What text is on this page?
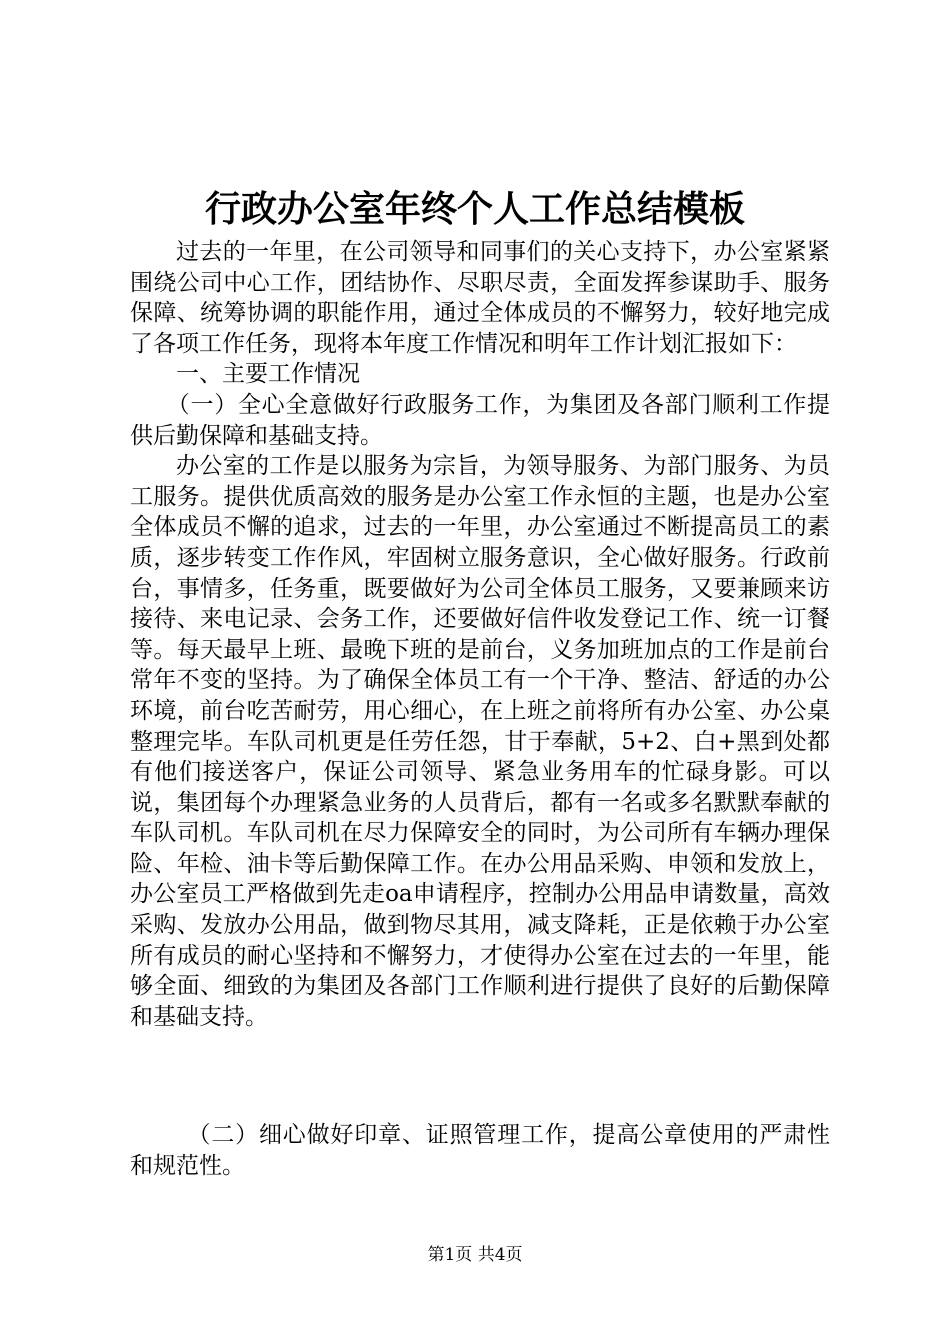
行政办公室年终个人工作总结模板

过去的一年里，在公司领导和同事们的关心支持下，办公室紧紧围绕公司中心工作，团结协作、尽职尽责，全面发挥参谋助手、服务保障、统筹协调的职能作用，通过全体成员的不懈努力，较好地完成了各项工作任务，现将本年度工作情况和明年工作计划汇报如下：

一、主要工作情况

（一）全心全意做好行政服务工作，为集团及各部门顺利工作提供后勤保障和基础支持。

办公室的工作是以服务为宗旨，为领导服务、为部门服务、为员工服务。提供优质高效的服务是办公室工作永恒的主题，也是办公室全体成员不懈的追求，过去的一年里，办公室通过不断提高员工的素质，逐步转变工作作风，牢固树立服务意识，全心做好服务。行政前台，事情多，任务重，既要做好为公司全体员工服务，又要兼顾来访接待、来电记录、会务工作，还要做好信件收发登记工作、统一订餐等。每天最早上班、最晚下班的是前台，义务加班加点的工作是前台常年不变的坚持。为了确保全体员工有一个干净、整洁、舒适的办公环境，前台吃苦耐劳，用心细心，在上班之前将所有办公室、办公桌整理完毕。车队司机更是任劳任怨，甘于奉献，5+2、白+黑到处都有他们接送客户，保证公司领导、紧急业务用车的忙碌身影。可以说，集团每个办理紧急业务的人员背后，都有一名或多名默默奉献的车队司机。车队司机在尽力保障安全的同时，为公司所有车辆办理保险、年检、油卡等后勤保障工作。在办公用品采购、申领和发放上，办公室员工严格做到先走oa申请程序，控制办公用品申请数量，高效采购、发放办公用品，做到物尽其用，减支降耗，正是依赖于办公室所有成员的耐心坚持和不懈努力，才使得办公室在过去的一年里，能够全面、细致的为集团及各部门工作顺利进行提供了良好的后勤保障和基础支持。

（二）细心做好印章、证照管理工作，提高公章使用的严肃性和规范性。

第1页 共4页
